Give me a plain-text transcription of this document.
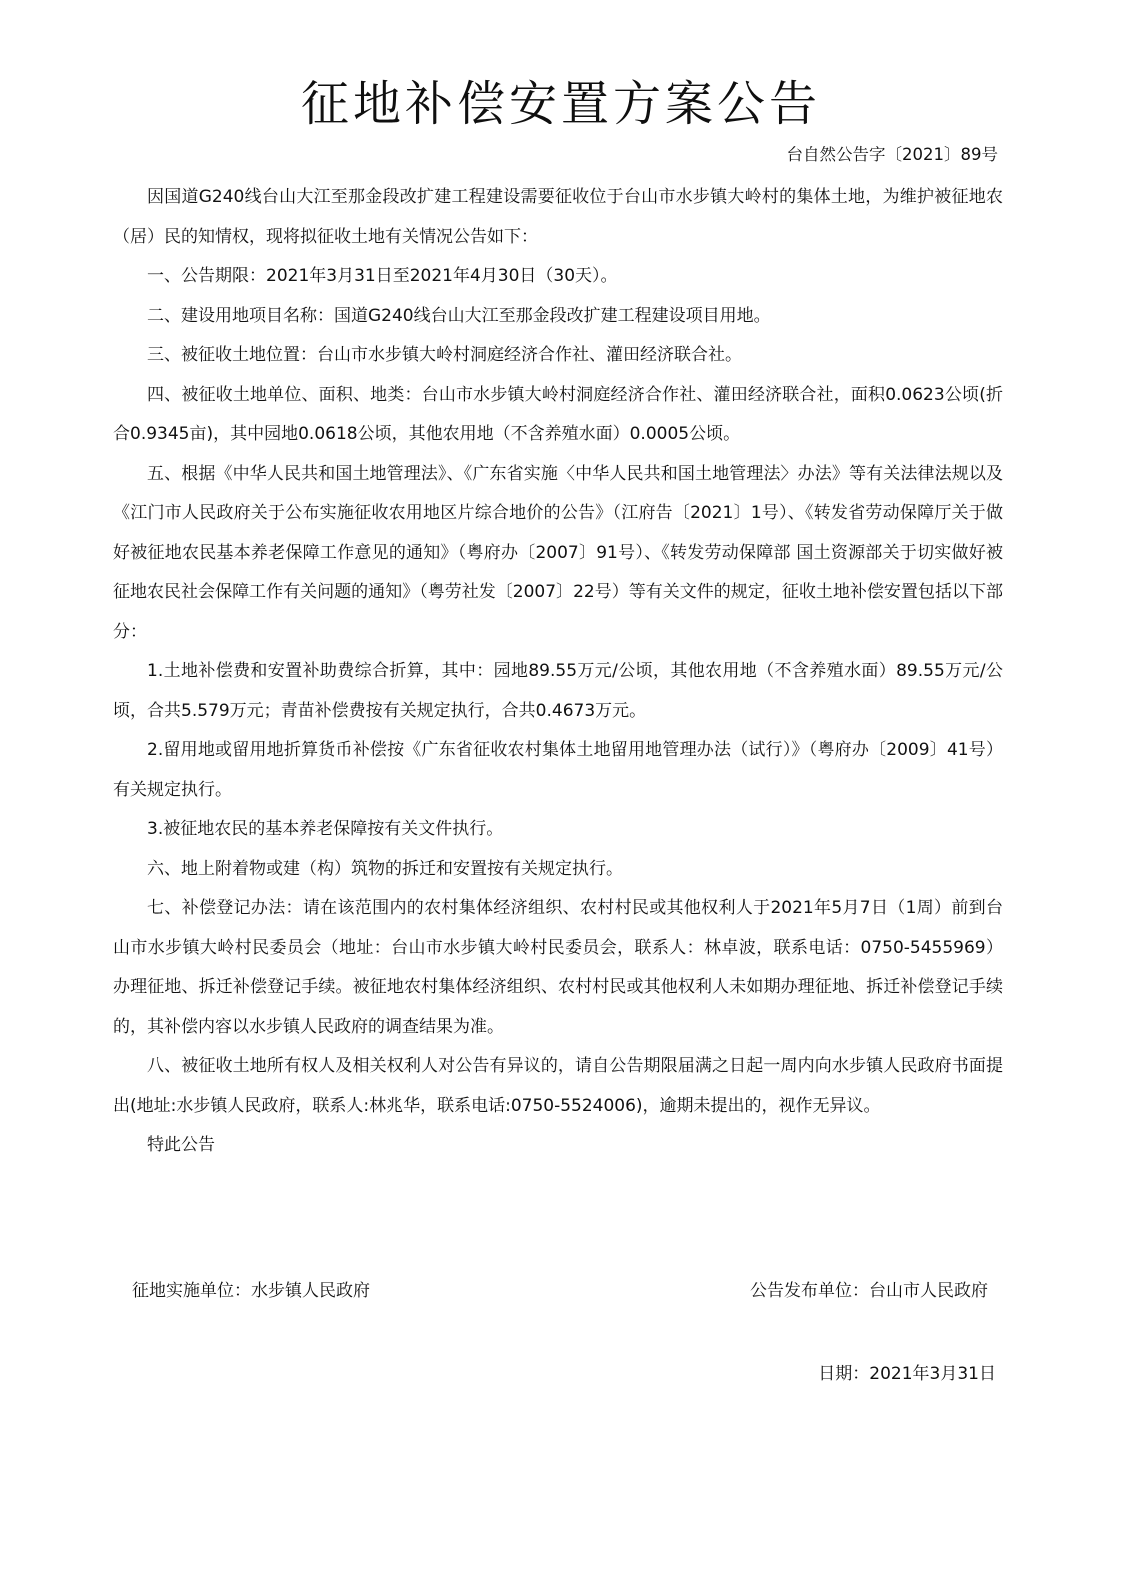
征地补偿安置方案公告
台自然公告字〔2021〕89号

因国道G240线台山大江至那金段改扩建工程建设需要征收位于台山市水步镇大岭村的集体土地，为维护被征地农（居）民的知情权，现将拟征收土地有关情况公告如下：

一、公告期限：2021年3月31日至2021年4月30日（30天）。

二、建设用地项目名称：国道G240线台山大江至那金段改扩建工程建设项目用地。

三、被征收土地位置：台山市水步镇大岭村洞庭经济合作社、灌田经济联合社。

四、被征收土地单位、面积、地类：台山市水步镇大岭村洞庭经济合作社、灌田经济联合社，面积0.0623公顷(折合0.9345亩)，其中园地0.0618公顷，其他农用地（不含养殖水面）0.0005公顷。

五、根据《中华人民共和国土地管理法》、《广东省实施〈中华人民共和国土地管理法〉办法》等有关法律法规以及《江门市人民政府关于公布实施征收农用地区片综合地价的公告》（江府告〔2021〕1号）、《转发省劳动保障厅关于做好被征地农民基本养老保障工作意见的通知》（粤府办〔2007〕91号）、《转发劳动保障部 国土资源部关于切实做好被征地农民社会保障工作有关问题的通知》（粤劳社发〔2007〕22号）等有关文件的规定，征收土地补偿安置包括以下部分：

1.土地补偿费和安置补助费综合折算，其中：园地89.55万元/公顷，其他农用地（不含养殖水面）89.55万元/公顷，合共5.579万元；青苗补偿费按有关规定执行，合共0.4673万元。

2.留用地或留用地折算货币补偿按《广东省征收农村集体土地留用地管理办法（试行）》（粤府办〔2009〕41号）有关规定执行。

3.被征地农民的基本养老保障按有关文件执行。

六、地上附着物或建（构）筑物的拆迁和安置按有关规定执行。

七、补偿登记办法：请在该范围内的农村集体经济组织、农村村民或其他权利人于2021年5月7日（1周）前到台山市水步镇大岭村民委员会（地址：台山市水步镇大岭村民委员会，联系人：林卓波，联系电话：0750-5455969）办理征地、拆迁补偿登记手续。被征地农村集体经济组织、农村村民或其他权利人未如期办理征地、拆迁补偿登记手续的，其补偿内容以水步镇人民政府的调查结果为准。

八、被征收土地所有权人及相关权利人对公告有异议的，请自公告期限届满之日起一周内向水步镇人民政府书面提出(地址:水步镇人民政府，联系人:林兆华，联系电话:0750-5524006)，逾期未提出的，视作无异议。

特此公告

征地实施单位：水步镇人民政府	公告发布单位：台山市人民政府
日期：2021年3月31日
